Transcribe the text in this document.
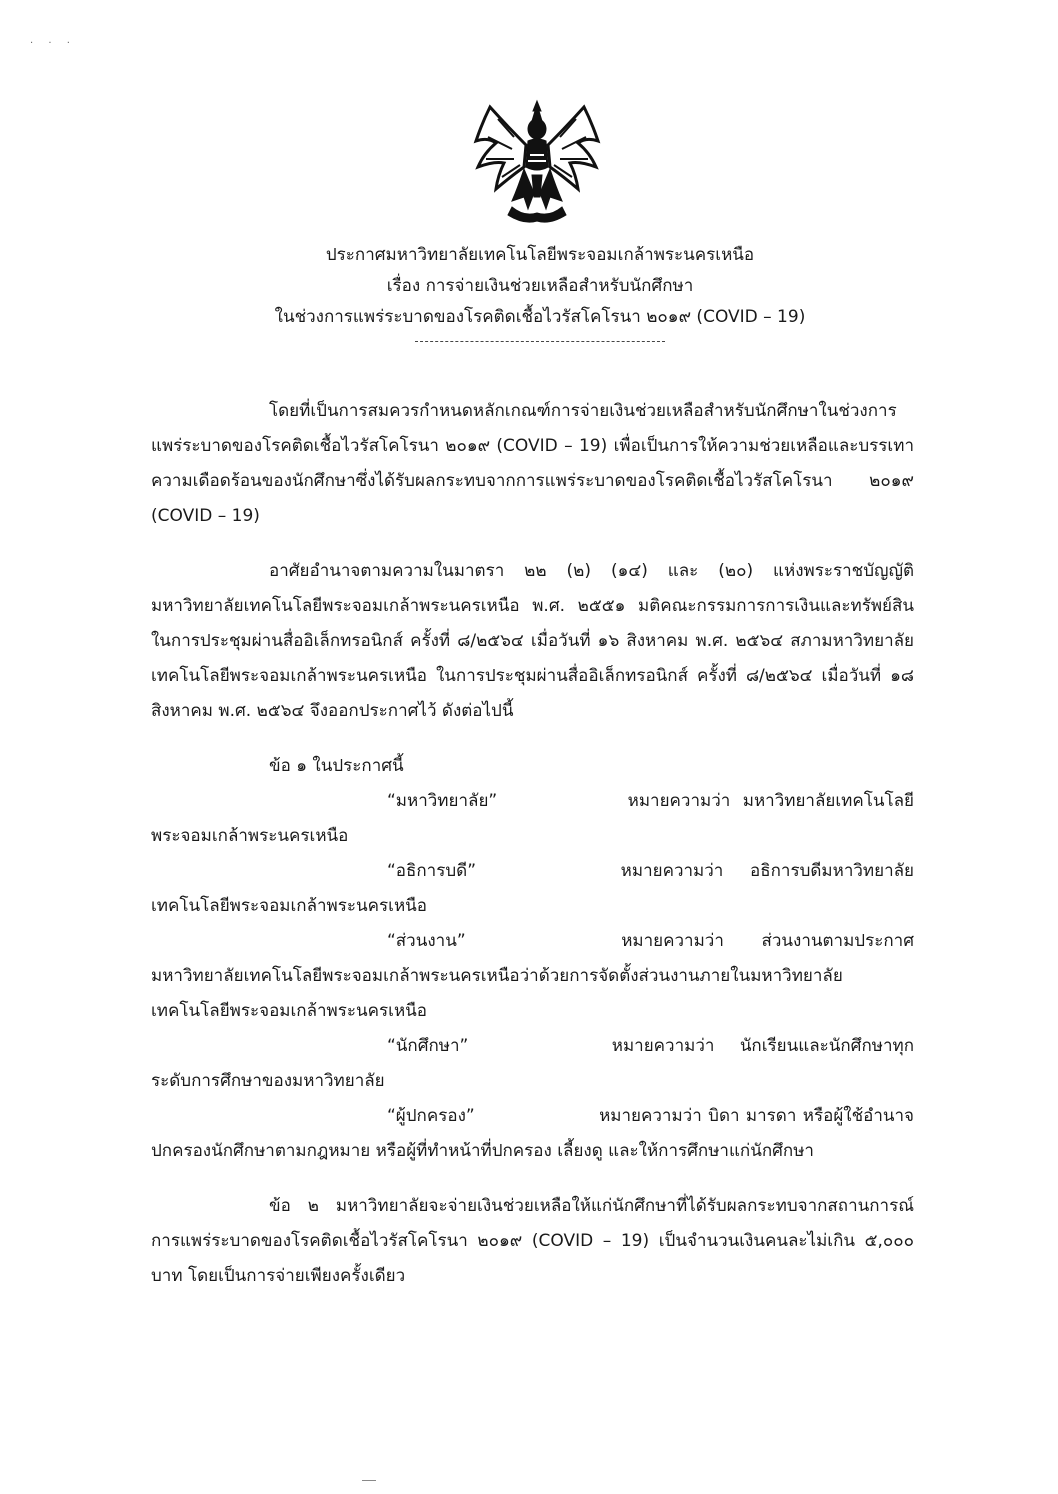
· · ·
ประกาศมหาวิทยาลัยเทคโนโลยีพระจอมเกล้าพระนครเหนือ
เรื่อง การจ่ายเงินช่วยเหลือสำหรับนักศึกษา
ในช่วงการแพร่ระบาดของโรคติดเชื้อไวรัสโคโรนา ๒๐๑๙ (COVID – 19)

โดยที่เป็นการสมควรกำหนดหลักเกณฑ์การจ่ายเงินช่วยเหลือสำหรับนักศึกษาในช่วงการแพร่ระบาดของโรคติดเชื้อไวรัสโคโรนา ๒๐๑๙ (COVID – 19) เพื่อเป็นการให้ความช่วยเหลือและบรรเทาความเดือดร้อนของนักศึกษาซึ่งได้รับผลกระทบจากการแพร่ระบาดของโรคติดเชื้อไวรัสโคโรนา ๒๐๑๙ (COVID – 19)

อาศัยอำนาจตามความในมาตรา ๒๒ (๒) (๑๔) และ (๒๐) แห่งพระราชบัญญัติมหาวิทยาลัยเทคโนโลยีพระจอมเกล้าพระนครเหนือ พ.ศ. ๒๕๕๑ มติคณะกรรมการการเงินและทรัพย์สิน ในการประชุมผ่านสื่ออิเล็กทรอนิกส์ ครั้งที่ ๘/๒๕๖๔ เมื่อวันที่ ๑๖ สิงหาคม พ.ศ. ๒๕๖๔ สภามหาวิทยาลัยเทคโนโลยีพระจอมเกล้าพระนครเหนือ ในการประชุมผ่านสื่ออิเล็กทรอนิกส์ ครั้งที่ ๘/๒๕๖๔ เมื่อวันที่ ๑๘ สิงหาคม พ.ศ. ๒๕๖๔ จึงออกประกาศไว้ ดังต่อไปนี้

ข้อ ๑ ในประกาศนี้

“มหาวิทยาลัย”	หมายความว่า มหาวิทยาลัยเทคโนโลยีพระจอมเกล้าพระนครเหนือ

“อธิการบดี”	หมายความว่า อธิการบดีมหาวิทยาลัยเทคโนโลยีพระจอมเกล้าพระนครเหนือ

“ส่วนงาน”	หมายความว่า ส่วนงานตามประกาศมหาวิทยาลัยเทคโนโลยีพระจอมเกล้าพระนครเหนือว่าด้วยการจัดตั้งส่วนงานภายในมหาวิทยาลัยเทคโนโลยีพระจอมเกล้าพระนครเหนือ

“นักศึกษา”	หมายความว่า นักเรียนและนักศึกษาทุกระดับการศึกษาของมหาวิทยาลัย

“ผู้ปกครอง”	หมายความว่า บิดา มารดา หรือผู้ใช้อำนาจปกครองนักศึกษาตามกฎหมาย หรือผู้ที่ทำหน้าที่ปกครอง เลี้ยงดู และให้การศึกษาแก่นักศึกษา

ข้อ ๒ มหาวิทยาลัยจะจ่ายเงินช่วยเหลือให้แก่นักศึกษาที่ได้รับผลกระทบจากสถานการณ์การแพร่ระบาดของโรคติดเชื้อไวรัสโคโรนา ๒๐๑๙ (COVID – 19) เป็นจำนวนเงินคนละไม่เกิน ๕,๐๐๐ บาท โดยเป็นการจ่ายเพียงครั้งเดียว
